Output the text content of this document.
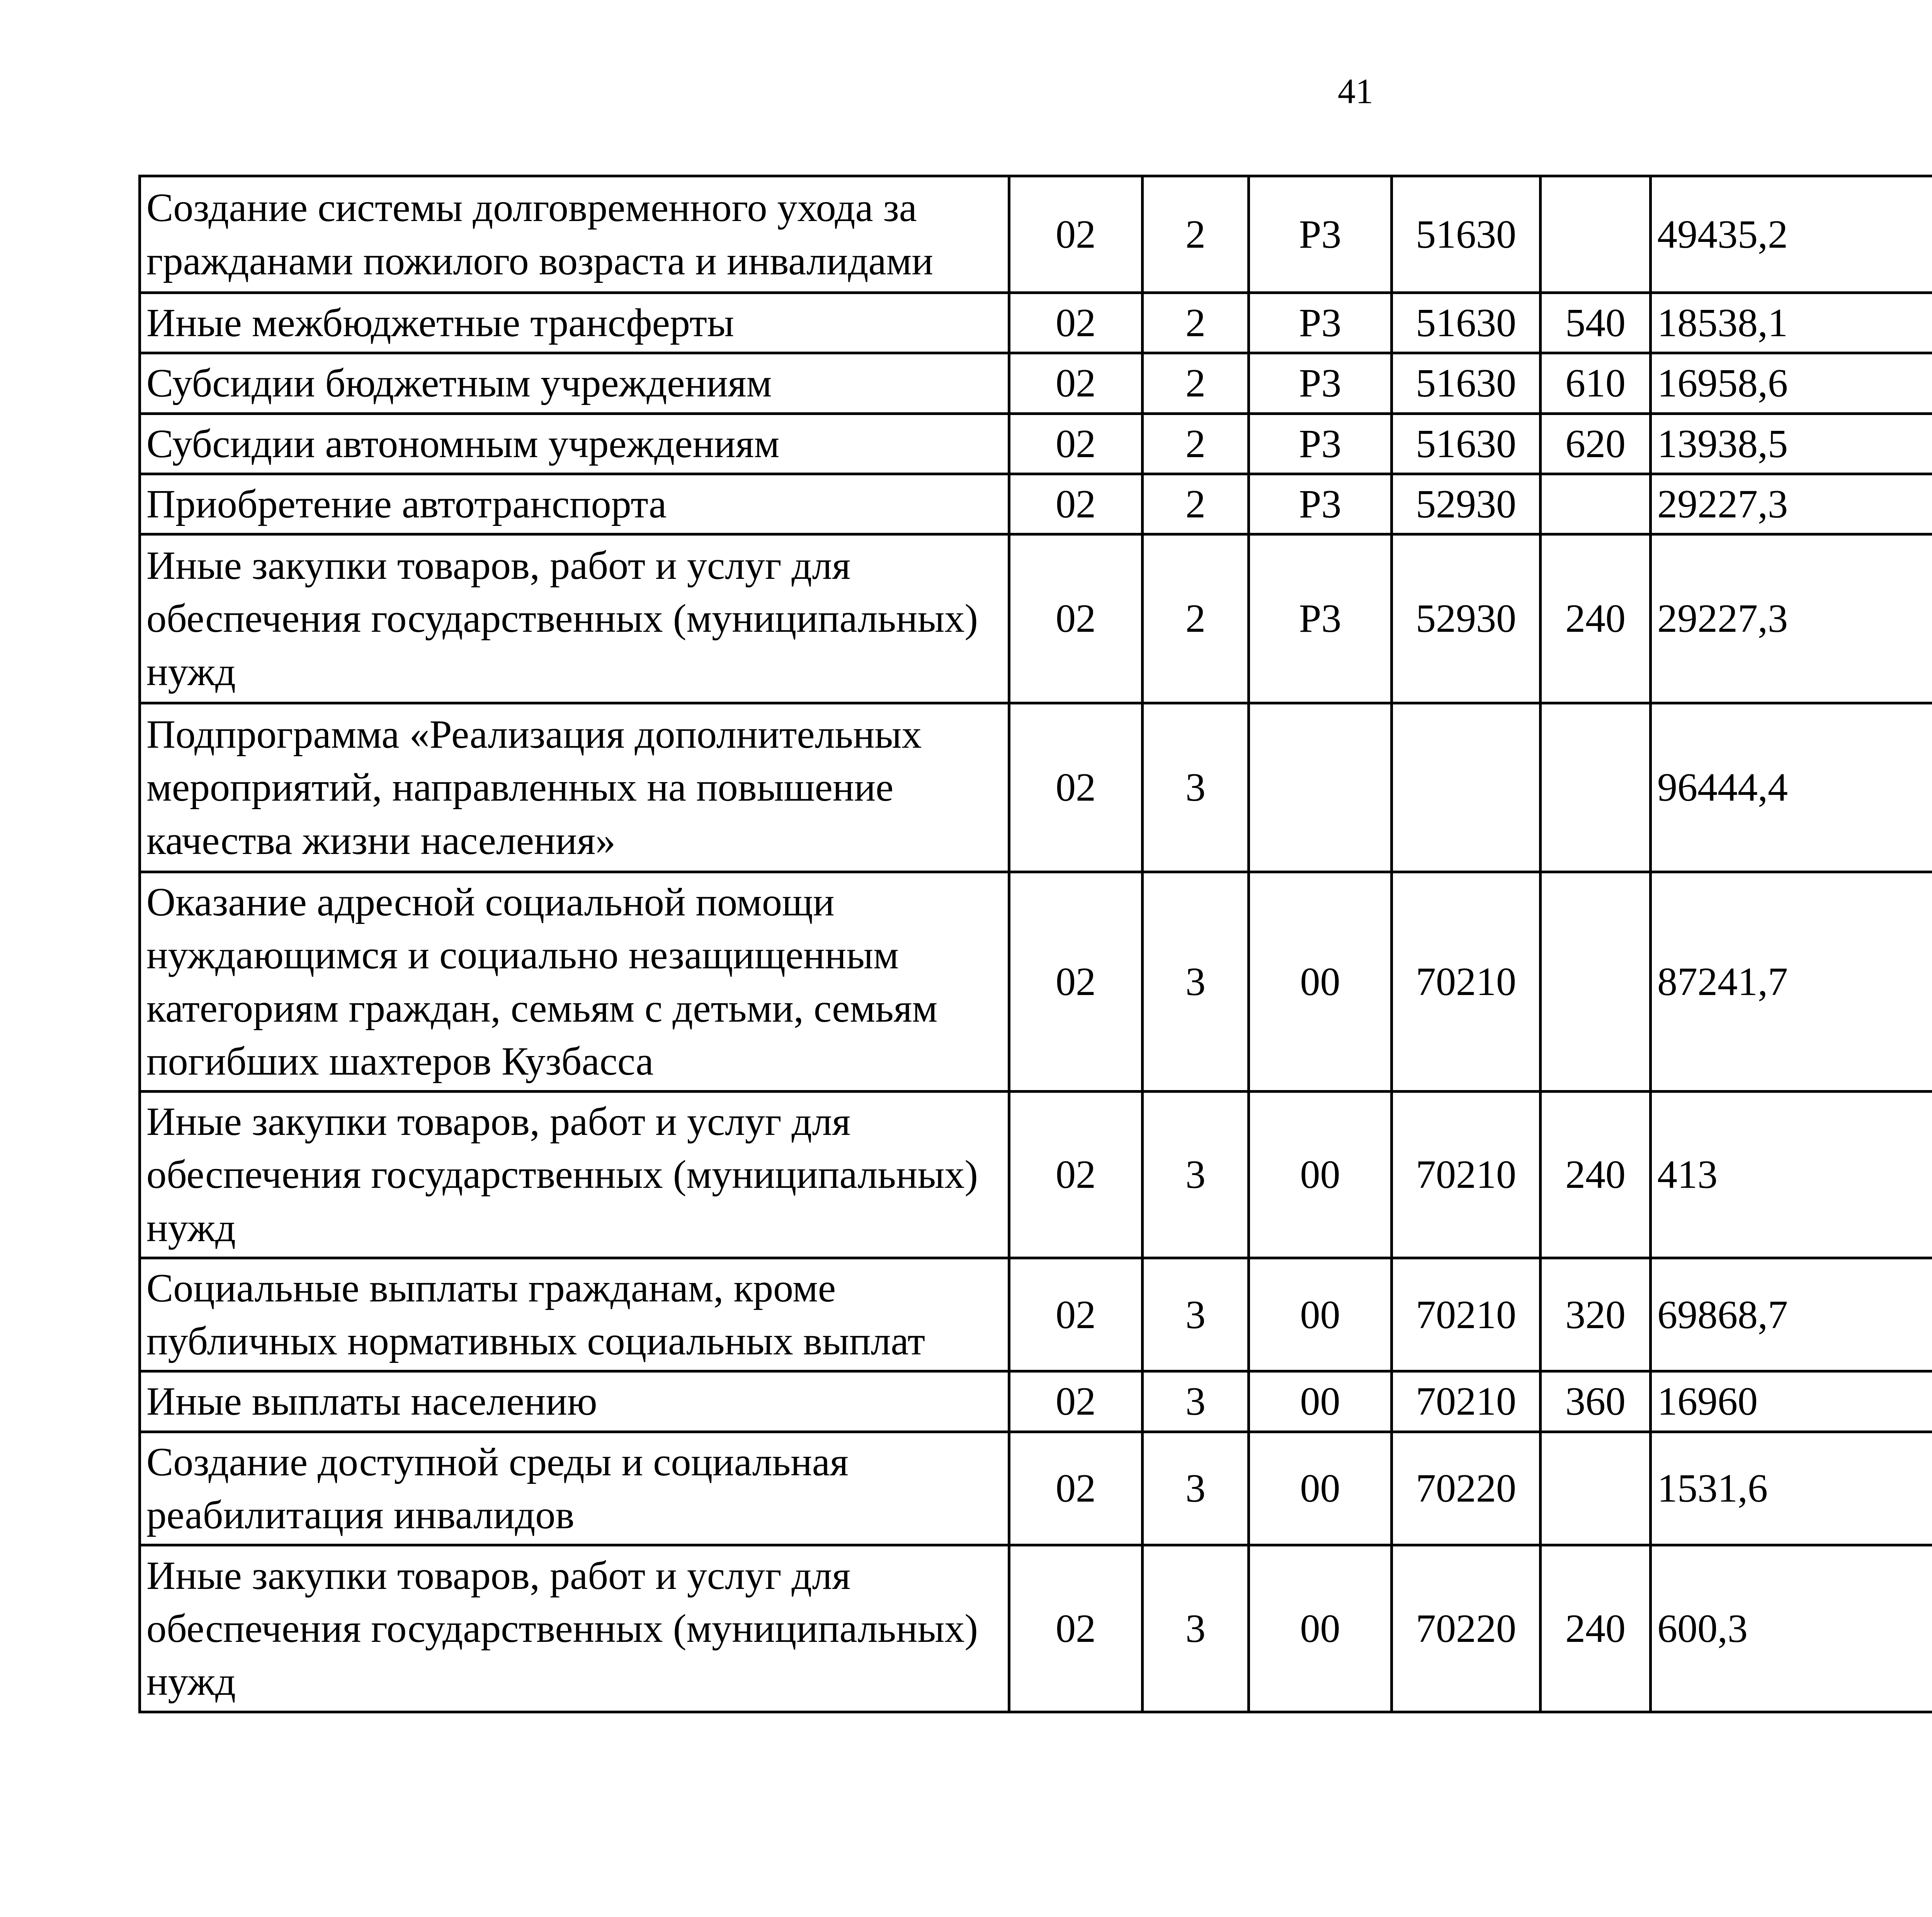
41
Создание системы долговременного ухода за гражданами пожилого возраста и инвалидами	02	2	Р3	51630		49435,2		
Иные межбюджетные трансферты	02	2	Р3	51630	540	18538,1		
Субсидии бюджетным учреждениям	02	2	Р3	51630	610	16958,6		
Субсидии автономным учреждениям	02	2	Р3	51630	620	13938,5		
Приобретение автотранспорта	02	2	Р3	52930		29227,3		
Иные закупки товаров, работ и услуг для обеспечения государственных (муниципальных) нужд	02	2	Р3	52930	240	29227,3		
Подпрограмма «Реализация дополнительных мероприятий, направленных на повышение качества жизни населения»	02	3				96444,4		
Оказание адресной социальной помощи нуждающимся и социально незащищенным категориям граждан, семьям с детьми, семьям погибших шахтеров Кузбасса	02	3	00	70210		87241,7		
Иные закупки товаров, работ и услуг для обеспечения государственных (муниципальных) нужд	02	3	00	70210	240	413		
Социальные выплаты гражданам, кроме публичных нормативных социальных выплат	02	3	00	70210	320	69868,7		
Иные выплаты населению	02	3	00	70210	360	16960		
Создание доступной среды и социальная реабилитация инвалидов	02	3	00	70220		1531,6		
Иные закупки товаров, работ и услуг для обеспечения государственных (муниципальных) нужд	02	3	00	70220	240	600,3		
